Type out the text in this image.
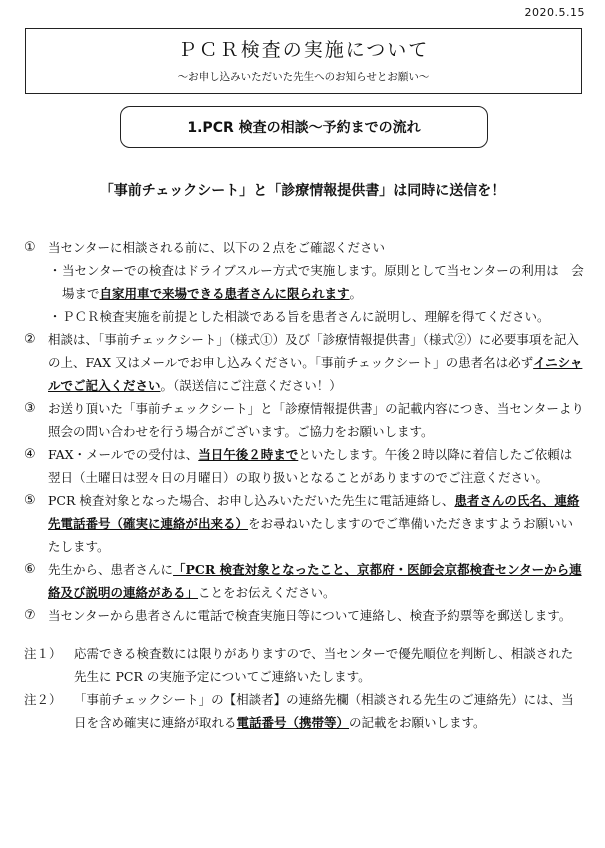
2020.5.15
ＰＣＲ検査の実施について
～お申し込みいただいた先生へのお知らせとお願い～
1.PCR 検査の相談～予約までの流れ
「事前チェックシート」と「診療情報提供書」は同時に送信を！
① 当センターに相談される前に、以下の２点をご確認ください
・ 当センターでの検査はドライブスルー方式で実施します。原則として当センターの利用は　会場まで自家用車で来場できる患者さんに限られます。
・ ＰＣＲ検査実施を前提とした相談である旨を患者さんに説明し、理解を得てください。
② 相談は、「事前チェックシート」（様式①）及び「診療情報提供書」（様式②）に必要事項を記入の上、FAX 又はメールでお申し込みください。「事前チェックシート」の患者名は必ずイニシャルでご記入ください。（誤送信にご注意ください！）
③ お送り頂いた「事前チェックシート」と「診療情報提供書」の記載内容につき、当センターより照会の問い合わせを行う場合がございます。ご協力をお願いします。
④ FAX・メールでの受付は、当日午後２時までといたします。午後２時以降に着信したご依頼は翌日（土曜日は翌々日の月曜日）の取り扱いとなることがありますのでご注意ください。
⑤ PCR 検査対象となった場合、お申し込みいただいた先生に電話連絡し、患者さんの氏名、連絡先電話番号（確実に連絡が出来る）をお尋ねいたしますのでご準備いただきますようお願いいたします。
⑥ 先生から、患者さんに「PCR 検査対象となったこと、京都府・医師会京都検査センターから連絡及び説明の連絡がある」ことをお伝えください。
⑦ 当センターから患者さんに電話で検査実施日等について連絡し、検査予約票等を郵送します。
注１） 応需できる検査数には限りがありますので、当センターで優先順位を判断し、相談された先生に PCR の実施予定についてご連絡いたします。
注２） 「事前チェックシート」の【相談者】の連絡先欄（相談される先生のご連絡先）には、当日を含め確実に連絡が取れる電話番号（携帯等）の記載をお願いします。
